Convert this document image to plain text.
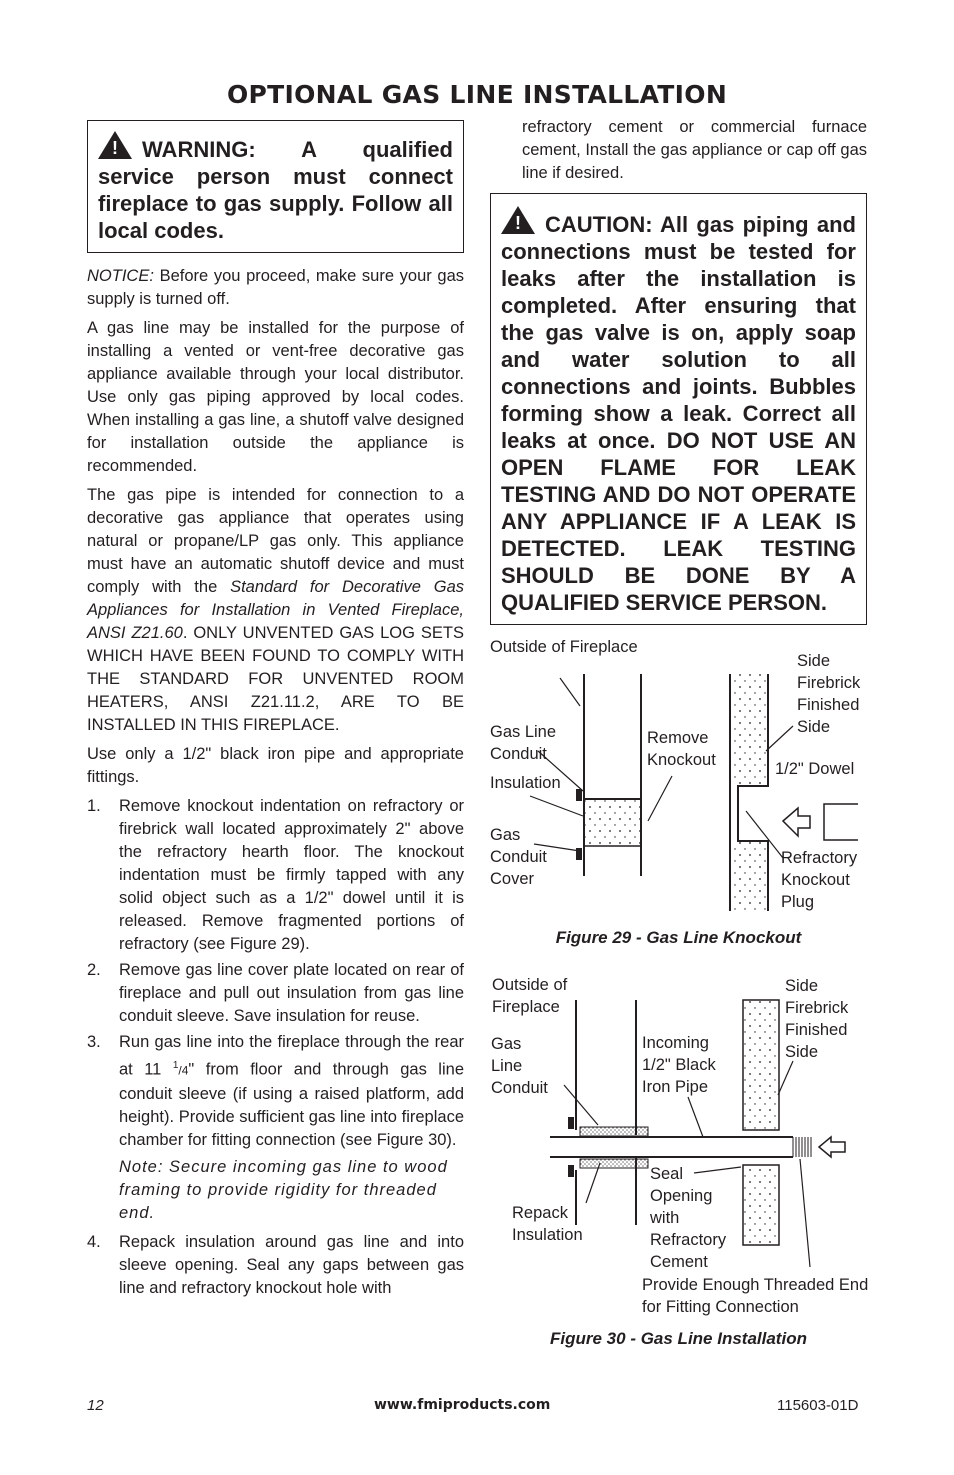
OPTIONAL GAS LINE INSTALLATION
! WARNING: A qualified service person must connect fireplace to gas supply. Follow all local codes.

NOTICE: Before you proceed, make sure your gas supply is turned off.

A gas line may be installed for the purpose of installing a vented or vent-free decorative gas appliance available through your local distributor. Use only gas piping approved by local codes. When installing a gas line, a shutoff valve designed for installation outside the appliance is recommended.

The gas pipe is intended for connection to a decorative gas appliance that operates using natural or propane/LP gas only. This appliance must have an automatic shutoff device and must comply with the Standard for Decorative Gas Appliances for Installation in Vented Fireplace, ANSI Z21.60. ONLY UNVENTED GAS LOG SETS WHICH HAVE BEEN FOUND TO COMPLY WITH THE STANDARD FOR UNVENTED ROOM HEATERS, ANSI Z21.11.2, ARE TO BE INSTALLED IN THIS FIREPLACE.

Use only a 1/2" black iron pipe and appropriate fittings.

1. Remove knockout indentation on refractory or firebrick wall located approximately 2" above the refractory hearth floor. The knockout indentation must be firmly tapped with any solid object such as a 1/2" dowel until it is released. Remove fragmented portions of refractory (see Figure 29).
2. Remove gas line cover plate located on rear of fireplace and pull out insulation from gas line conduit sleeve. Save insulation for reuse.
3. Run gas line into the fireplace through the rear at 11 $^1$/4" from floor and through gas line conduit sleeve (if using a raised platform, add height). Provide sufficient gas line into fireplace chamber for fitting connection (see Figure 30).
Note: Secure incoming gas line to wood framing to provide rigidity for threaded end.
4. Repack insulation around gas line and into sleeve opening. Seal any gaps between gas line and refractory knockout hole with

refractory cement or commercial furnace cement, Install the gas appliance or cap off gas line if desired.

! CAUTION: All gas piping and connections must be tested for leaks after the installation is completed. After ensuring that the gas valve is on, apply soap and water solution to all connections and joints. Bubbles forming show a leak. Correct all leaks at once. DO NOT USE AN OPEN FLAME FOR LEAK TESTING AND DO NOT OPERATE ANY APPLIANCE IF A LEAK IS DETECTED. LEAK TESTING SHOULD BE DONE BY A QUALIFIED SERVICE PERSON.
Outside of Fireplace
Side Firebrick Finished Side
Gas Line Conduit
Remove Knockout	1/2" Dowel
Insulation
Gas Conduit Cover
Refractory Knockout Plug
Figure 29 - Gas Line Knockout
Outside of Fireplace
Side Firebrick Finished Side
Gas Line Conduit
Incoming 1/2" Black Iron Pipe
Seal Opening with Refractory Cement
Repack Insulation
Provide Enough Threaded End for Fitting Connection
Figure 30 - Gas Line Installation
12	www.fmiproducts.com	115603-01D
